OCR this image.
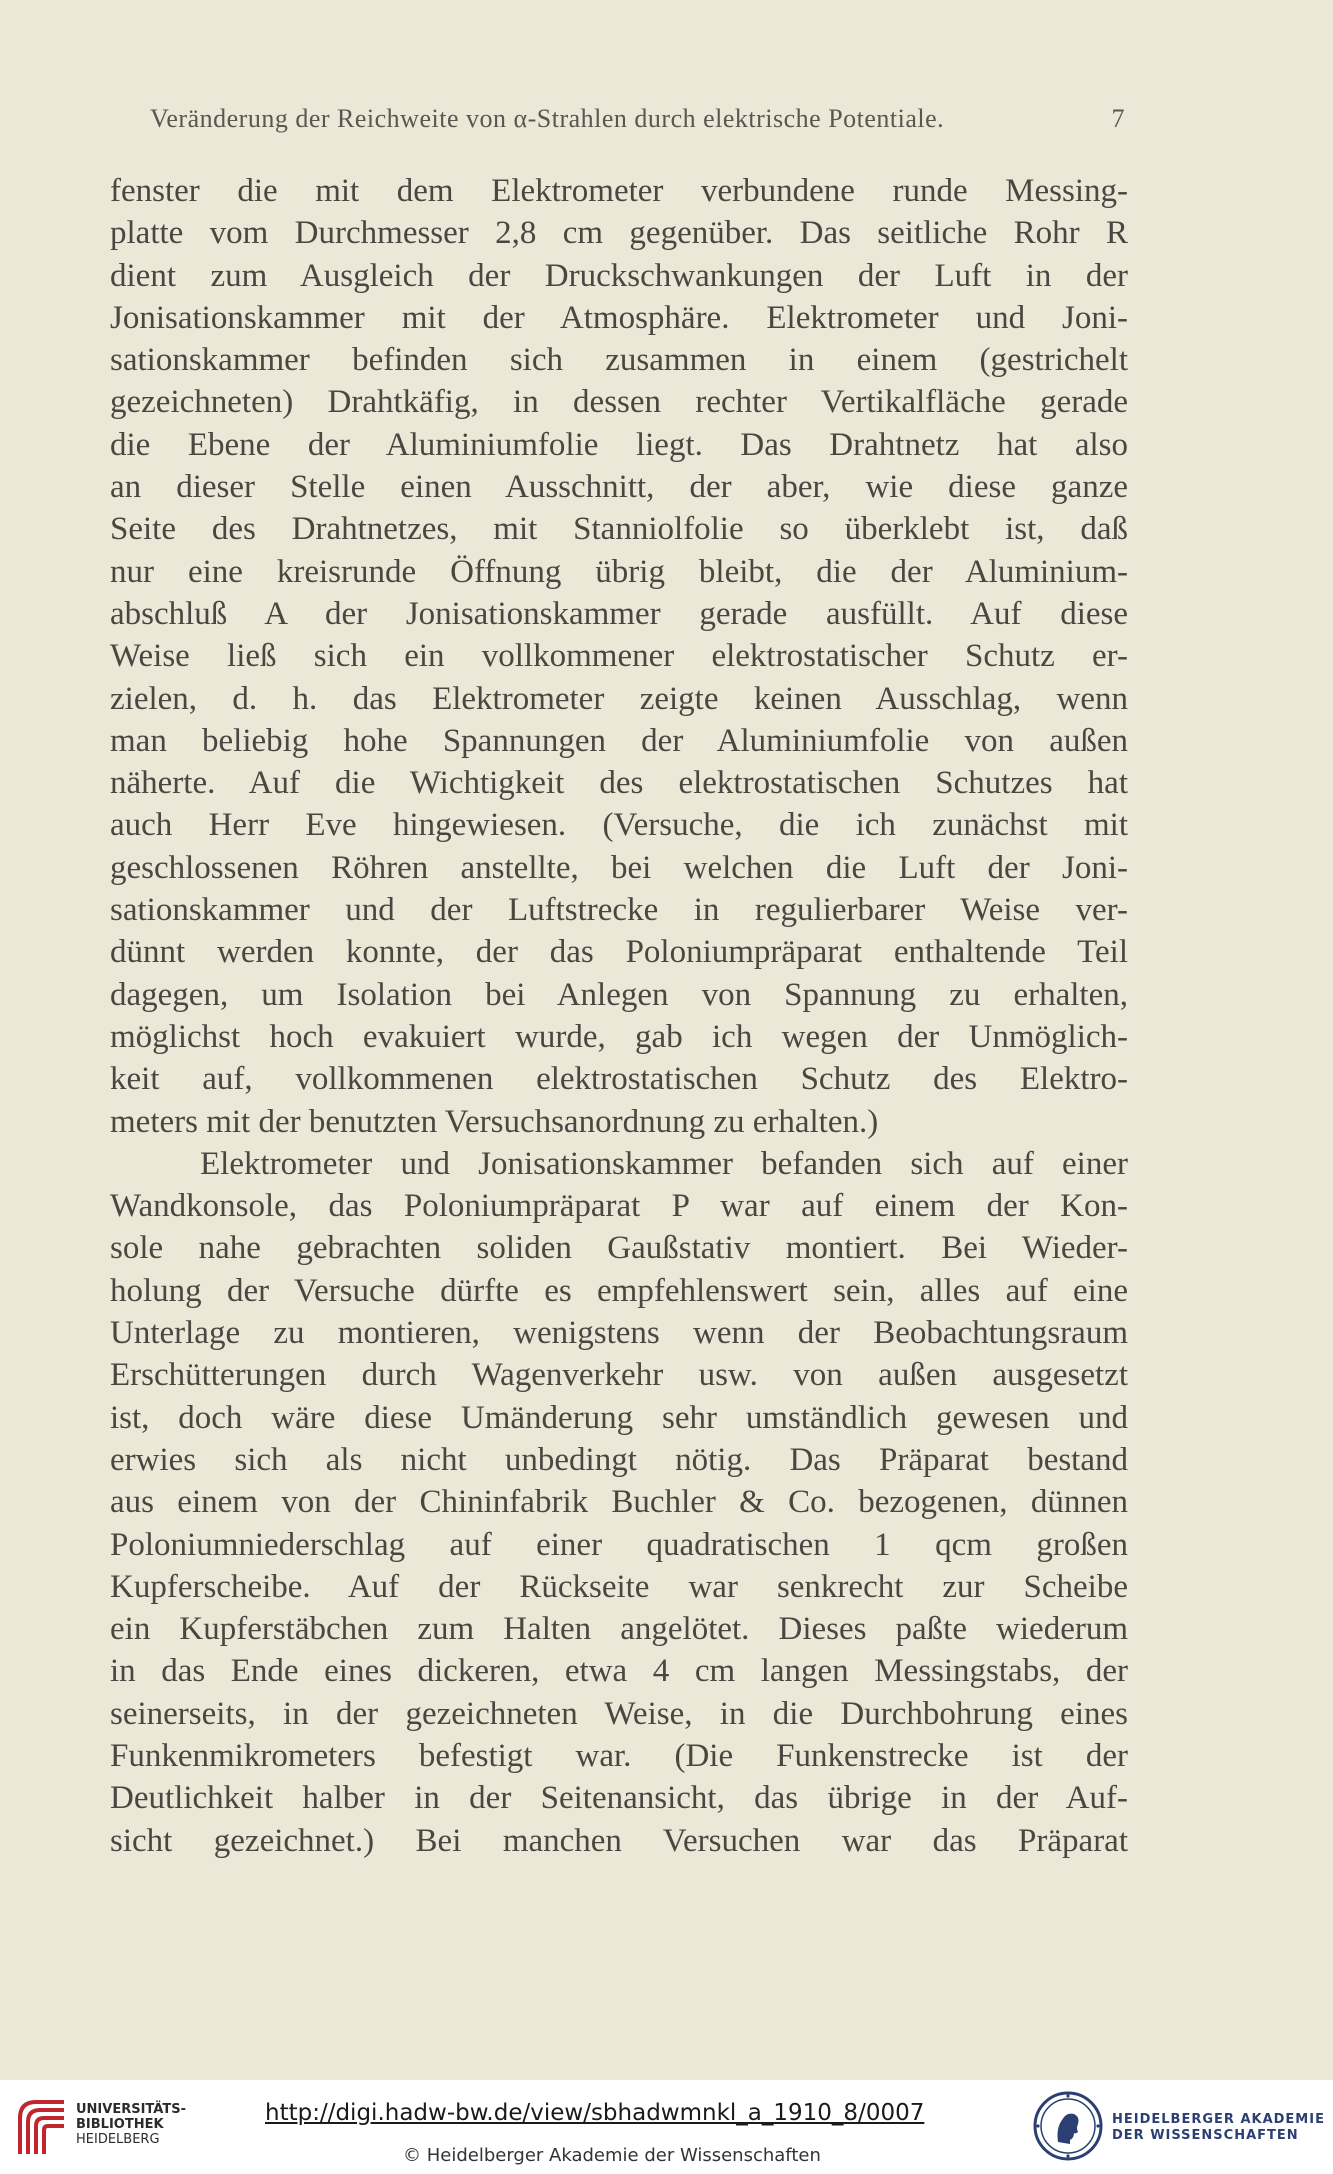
Veränderung der Reichweite von α-Strahlen durch elektrische Potentiale.	7
fenster die mit dem Elektrometer verbundene runde Messing-
platte vom Durchmesser 2,8 cm gegenüber. Das seitliche Rohr R
dient zum Ausgleich der Druckschwankungen der Luft in der
Jonisationskammer mit der Atmosphäre. Elektrometer und Joni-
sationskammer befinden sich zusammen in einem (gestrichelt
gezeichneten) Drahtkäfig, in dessen rechter Vertikalfläche gerade
die Ebene der Aluminiumfolie liegt. Das Drahtnetz hat also
an dieser Stelle einen Ausschnitt, der aber, wie diese ganze
Seite des Drahtnetzes, mit Stanniolfolie so überklebt ist, daß
nur eine kreisrunde Öffnung übrig bleibt, die der Aluminium-
abschluß A der Jonisationskammer gerade ausfüllt. Auf diese
Weise ließ sich ein vollkommener elektrostatischer Schutz er-
zielen, d. h. das Elektrometer zeigte keinen Ausschlag, wenn
man beliebig hohe Spannungen der Aluminiumfolie von außen
näherte. Auf die Wichtigkeit des elektrostatischen Schutzes hat
auch Herr Eve hingewiesen. (Versuche, die ich zunächst mit
geschlossenen Röhren anstellte, bei welchen die Luft der Joni-
sationskammer und der Luftstrecke in regulierbarer Weise ver-
dünnt werden konnte, der das Poloniumpräparat enthaltende Teil
dagegen, um Isolation bei Anlegen von Spannung zu erhalten,
möglichst hoch evakuiert wurde, gab ich wegen der Unmöglich-
keit auf, vollkommenen elektrostatischen Schutz des Elektro-
meters mit der benutzten Versuchsanordnung zu erhalten.)
Elektrometer und Jonisationskammer befanden sich auf einer
Wandkonsole, das Poloniumpräparat P war auf einem der Kon-
sole nahe gebrachten soliden Gaußstativ montiert. Bei Wieder-
holung der Versuche dürfte es empfehlenswert sein, alles auf eine
Unterlage zu montieren, wenigstens wenn der Beobachtungsraum
Erschütterungen durch Wagenverkehr usw. von außen ausgesetzt
ist, doch wäre diese Umänderung sehr umständlich gewesen und
erwies sich als nicht unbedingt nötig. Das Präparat bestand
aus einem von der Chininfabrik Buchler & Co. bezogenen, dünnen
Poloniumniederschlag auf einer quadratischen 1 qcm großen
Kupferscheibe. Auf der Rückseite war senkrecht zur Scheibe
ein Kupferstäbchen zum Halten angelötet. Dieses paßte wiederum
in das Ende eines dickeren, etwa 4 cm langen Messingstabs, der
seinerseits, in der gezeichneten Weise, in die Durchbohrung eines
Funkenmikrometers befestigt war. (Die Funkenstrecke ist der
Deutlichkeit halber in der Seitenansicht, das übrige in der Auf-
sicht gezeichnet.) Bei manchen Versuchen war das Präparat
UNIVERSITÄTS-
BIBLIOTHEK
HEIDELBERG
http://digi.hadw-bw.de/view/sbhadwmnkl_a_1910_8/0007
© Heidelberger Akademie der Wissenschaften
HEIDELBERGER AKADEMIE
DER WISSENSCHAFTEN
